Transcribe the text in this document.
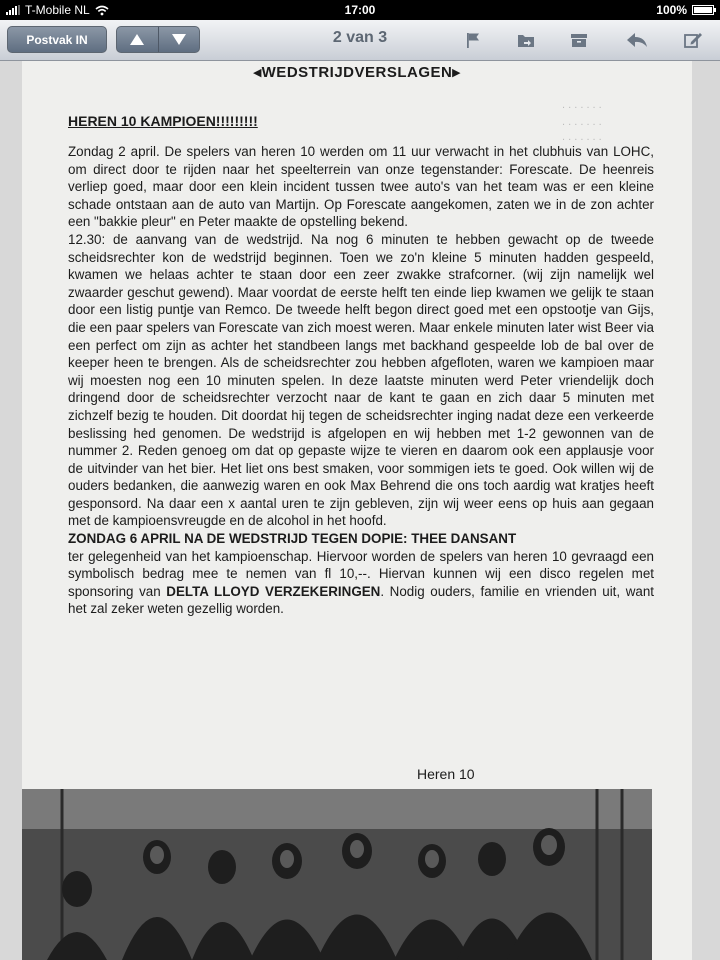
T-Mobile NL	17:00	100%
Postvak IN	2 van 3
◂WEDSTRIJDVERSLAGEN▸
. . . . . . .
. . . . . . .
. . . . . . .
HEREN 10 KAMPIOEN!!!!!!!!!

Zondag 2 april. De spelers van heren 10 werden om 11 uur verwacht in het clubhuis van LOHC, om direct door te rijden naar het speelterrein van onze tegenstander: Forescate. De heenreis verliep goed, maar door een klein incident tussen twee auto's van het team was er een kleine schade ontstaan aan de auto van Martijn. Op Forescate aangekomen, zaten we in de zon achter een "bakkie pleur" en Peter maakte de opstelling bekend.

12.30: de aanvang van de wedstrijd. Na nog 6 minuten te hebben gewacht op de tweede scheidsrechter kon de wedstrijd beginnen. Toen we zo'n kleine 5 minuten hadden gespeeld, kwamen we helaas achter te staan door een zeer zwakke strafcorner. (wij zijn namelijk wel zwaarder geschut gewend). Maar voordat de eerste helft ten einde liep kwamen we gelijk te staan door een listig puntje van Remco. De tweede helft begon direct goed met een opstootje van Gijs, die een paar spelers van Forescate van zich moest weren. Maar enkele minuten later wist Beer via een perfect om zijn as achter het standbeen langs met backhand gespeelde lob de bal over de keeper heen te brengen. Als de scheidsrechter zou hebben afgefloten, waren we kampioen maar wij moesten nog een 10 minuten spelen. In deze laatste minuten werd Peter vriendelijk doch dringend door de scheidsrechter verzocht naar de kant te gaan en zich daar 5 minuten met zichzelf bezig te houden. Dit doordat hij tegen de scheidsrechter inging nadat deze een verkeerde beslissing hed genomen. De wedstrijd is afgelopen en wij hebben met 1-2 gewonnen van de nummer 2. Reden genoeg om dat op gepaste wijze te vieren en daarom ook een applausje voor de uitvinder van het bier. Het liet ons best smaken, voor sommigen iets te goed. Ook willen wij de ouders bedanken, die aanwezig waren en ook Max Behrend die ons toch aardig wat kratjes heeft gesponsord. Na daar een x aantal uren te zijn gebleven, zijn wij weer eens op huis aan gegaan met de kampioensvreugde en de alcohol in het hoofd.

ZONDAG 6 APRIL NA DE WEDSTRIJD TEGEN DOPIE: THEE DANSANT

ter gelegenheid van het kampioenschap. Hiervoor worden de spelers van heren 10 gevraagd een symbolisch bedrag mee te nemen van fl 10,--. Hiervan kunnen wij een disco regelen met sponsoring van DELTA LLOYD VERZEKERINGEN. Nodig ouders, familie en vrienden uit, want het zal zeker weten gezellig worden.

Heren 10
